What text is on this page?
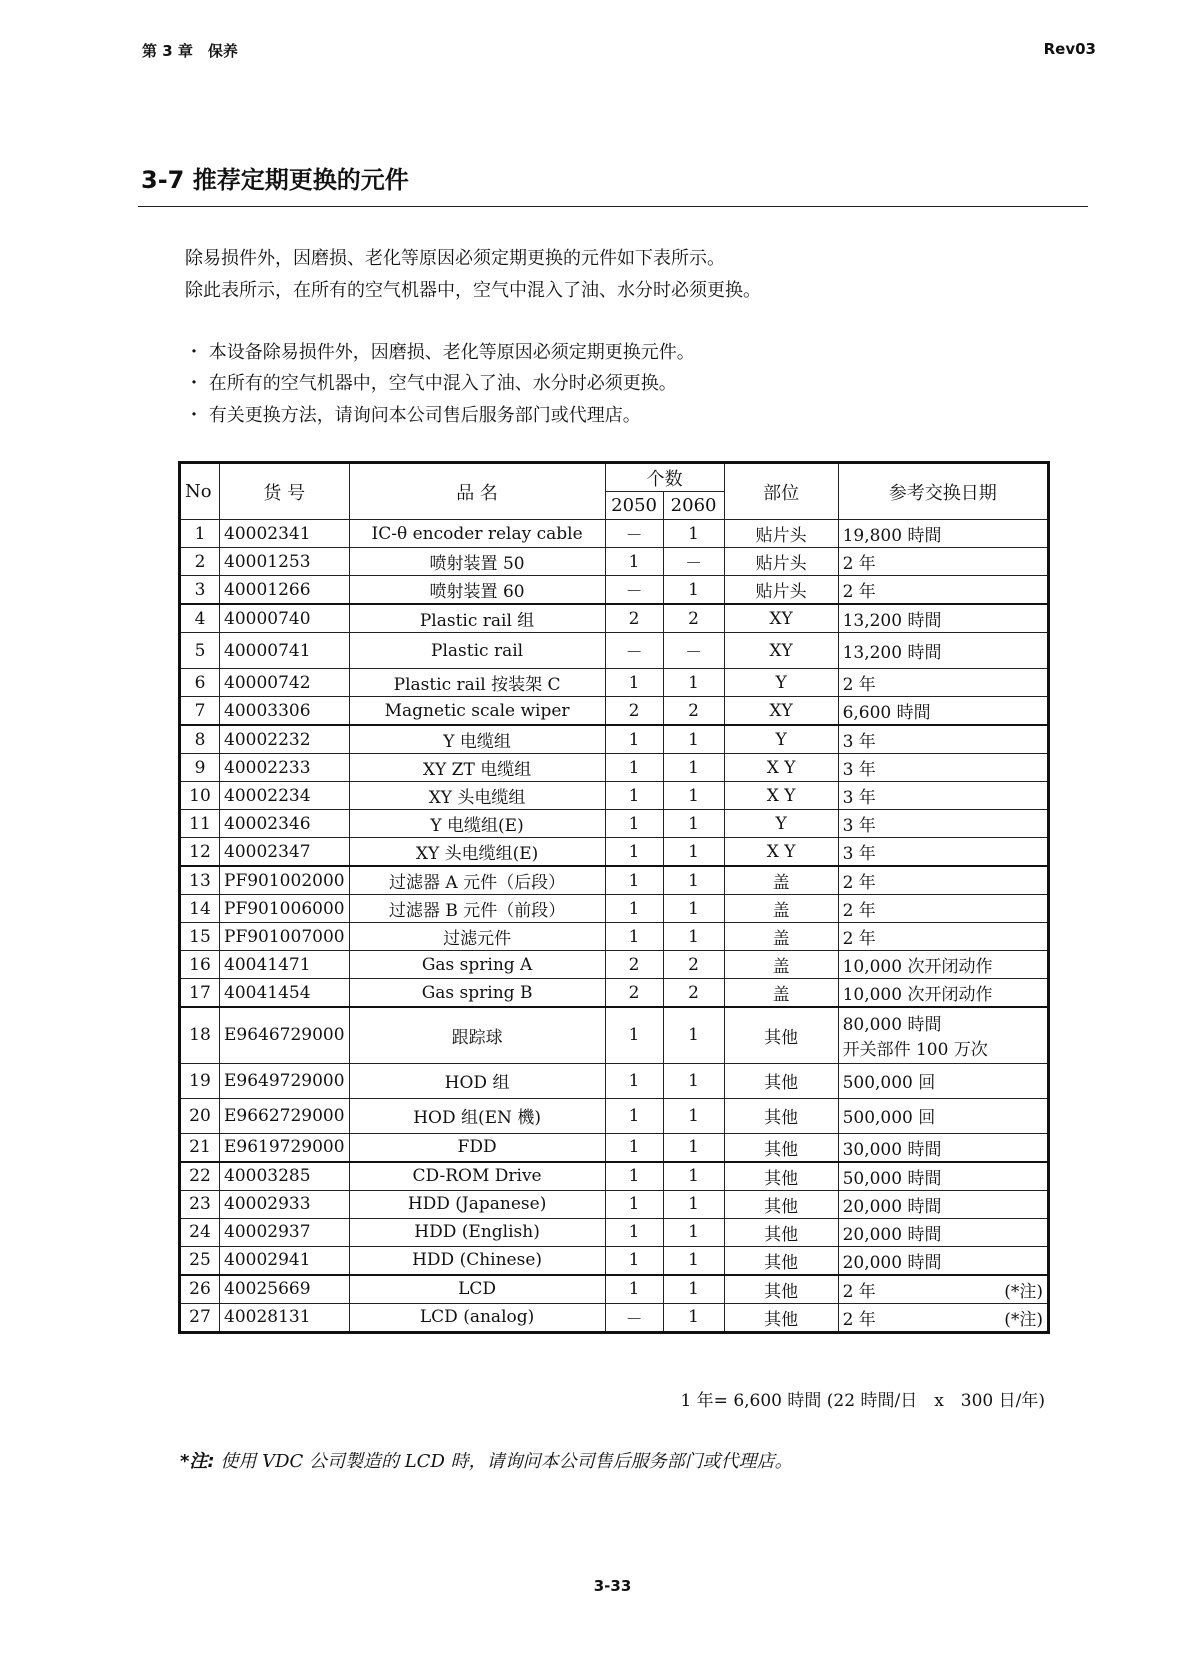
第 3 章　保养	Rev03
3-7 推荐定期更换的元件
除易损件外，因磨损、老化等原因必须定期更换的元件如下表所示。
除此表所示，在所有的空气机器中，空气中混入了油、水分时必须更换。
・ 本设备除易损件外，因磨损、老化等原因必须定期更换元件。
・ 在所有的空气机器中，空气中混入了油、水分时必须更换。
・ 有关更换方法，请询问本公司售后服务部门或代理店。
No	货 号	品 名	个数		部位	参考交换日期
			2050	2060		
1	40002341	IC-θ encoder relay cable	－	1	贴片头	19,800 時間
2	40001253	喷射装置 50	1	－	贴片头	2 年
3	40001266	喷射装置 60	－	1	贴片头	2 年
4	40000740	Plastic rail 组	2	2	XY	13,200 時間
5	40000741	Plastic rail	－	－	XY	13,200 時間
6	40000742	Plastic rail 按装架 C	1	1	Y	2 年
7	40003306	Magnetic scale wiper	2	2	XY	6,600 時間
8	40002232	Y 电缆组	1	1	Y	3 年
9	40002233	XY ZT 电缆组	1	1	X Y	3 年
10	40002234	XY 头电缆组	1	1	X Y	3 年
11	40002346	Y 电缆组(E)	1	1	Y	3 年
12	40002347	XY 头电缆组(E)	1	1	X Y	3 年
13	PF901002000	过滤器 A 元件（后段）	1	1	盖	2 年
14	PF901006000	过滤器 B 元件（前段）	1	1	盖	2 年
15	PF901007000	过滤元件	1	1	盖	2 年
16	40041471	Gas spring A	2	2	盖	10,000 次开闭动作
17	40041454	Gas spring B	2	2	盖	10,000 次开闭动作
18	E9646729000	跟踪球	1	1	其他	80,000 時間
开关部件 100 万次
19	E9649729000	HOD 组	1	1	其他	500,000 回
20	E9662729000	HOD 组(EN 機)	1	1	其他	500,000 回
21	E9619729000	FDD	1	1	其他	30,000 時間
22	40003285	CD-ROM Drive	1	1	其他	50,000 時間
23	40002933	HDD (Japanese)	1	1	其他	20,000 時間
24	40002937	HDD (English)	1	1	其他	20,000 時間
25	40002941	HDD (Chinese)	1	1	其他	20,000 時間
26	40025669	LCD	1	1	其他	2 年 (*注)

27	40028131	LCD (analog)	－	1	其他	2 年 (*注)
1 年= 6,600 時間 (22 時間/日　x　300 日/年)
*注: 使用 VDC 公司製造的 LCD 時，请询问本公司售后服务部门或代理店。
3-33
